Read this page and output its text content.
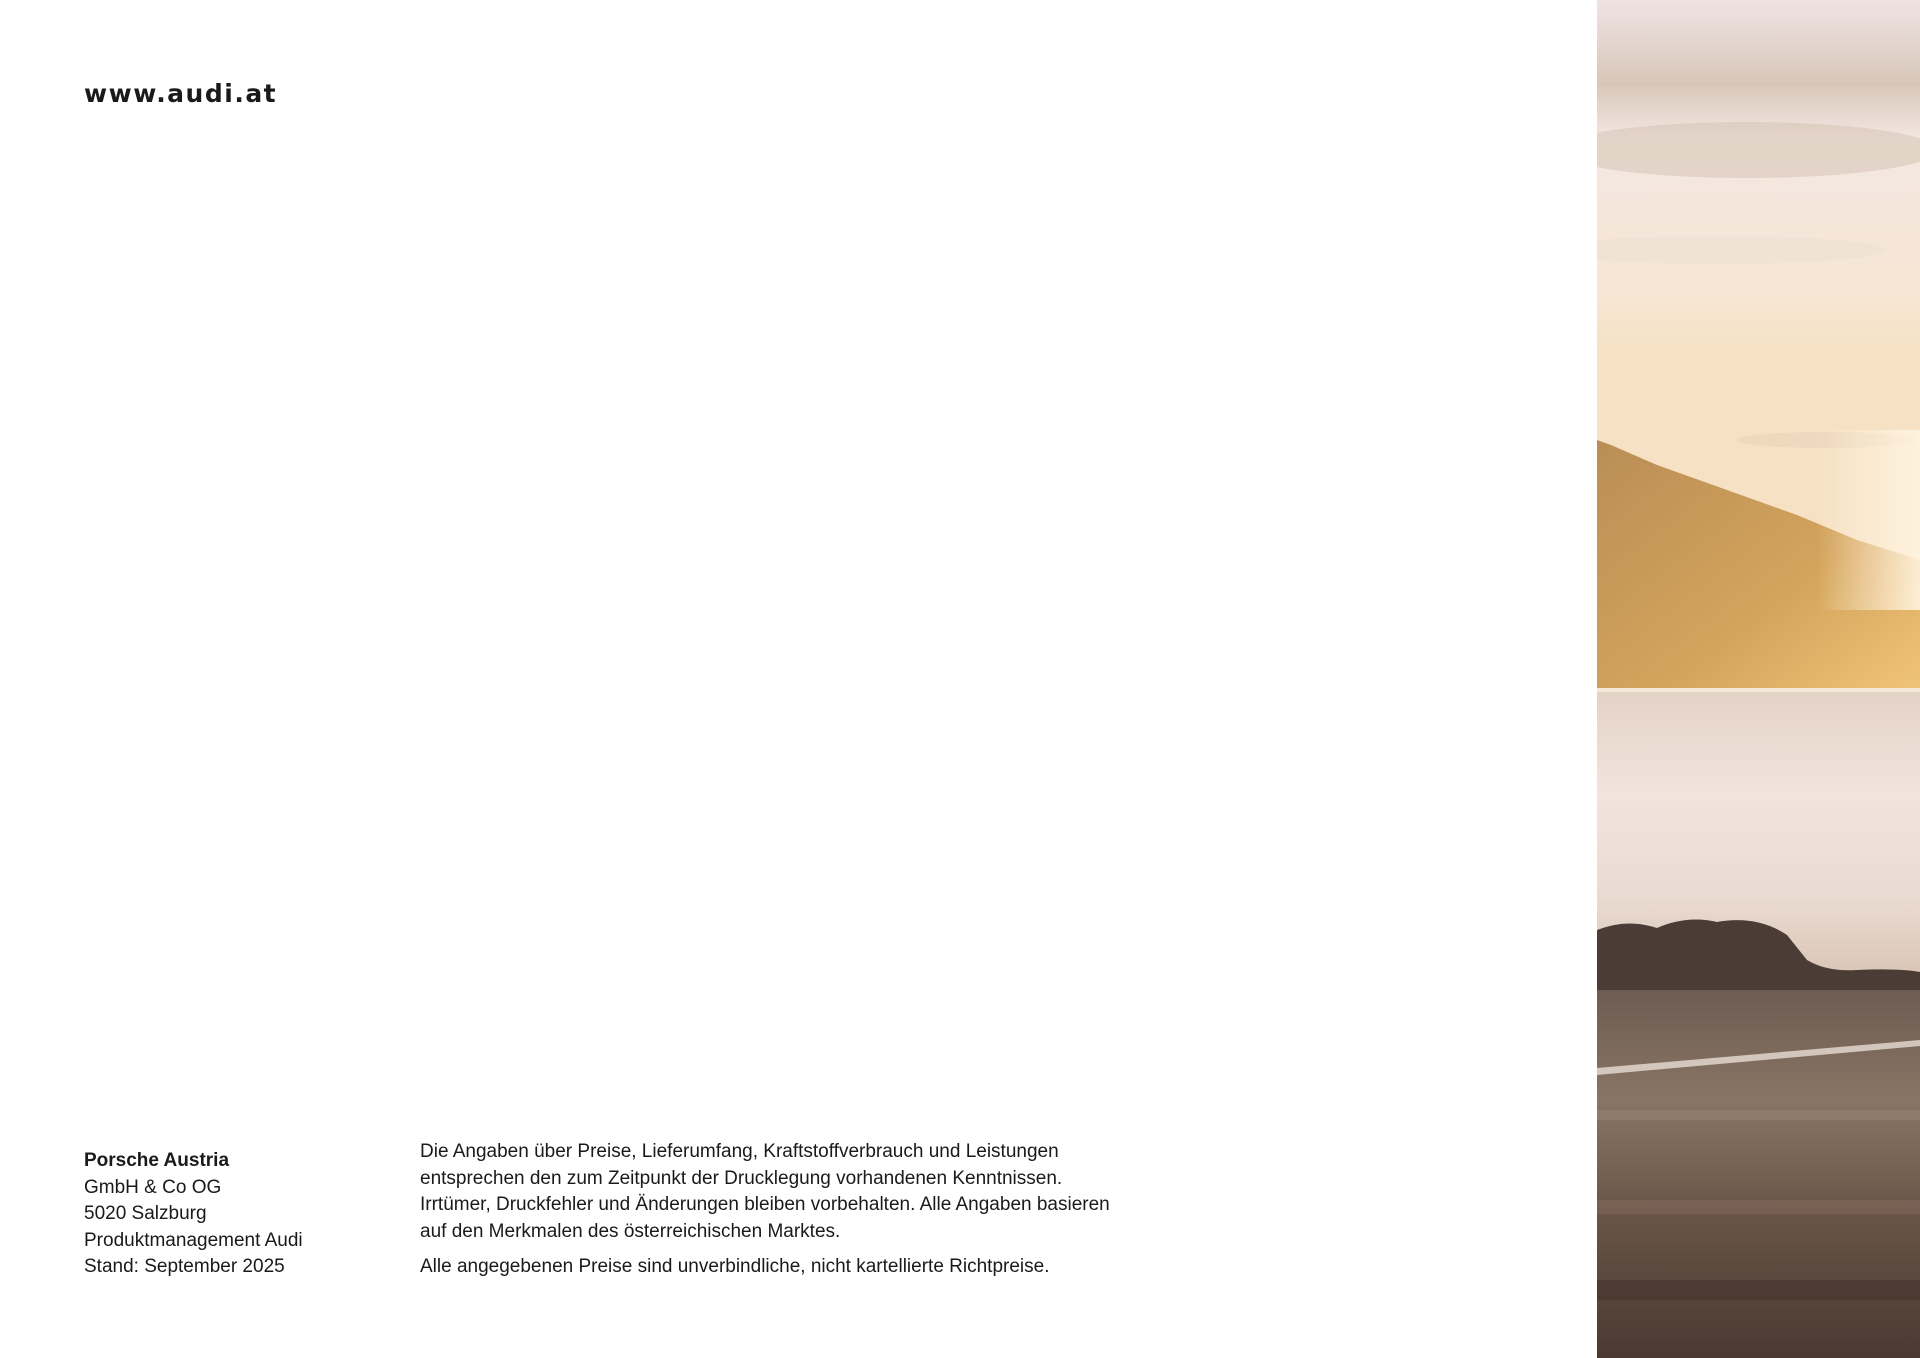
www.audi.at
Porsche Austria
GmbH & Co OG
5020 Salzburg
Produktmanagement Audi
Stand: September 2025

Die Angaben über Preise, Lieferumfang, Kraftstoffverbrauch und Leistungen entsprechen den zum Zeitpunkt der Drucklegung vorhandenen Kenntnissen. Irrtümer, Druckfehler und Änderungen bleiben vorbehalten. Alle Angaben basieren auf den Merkmalen des österreichischen Marktes.

Alle angegebenen Preise sind unverbindliche, nicht kartellierte Richtpreise.
